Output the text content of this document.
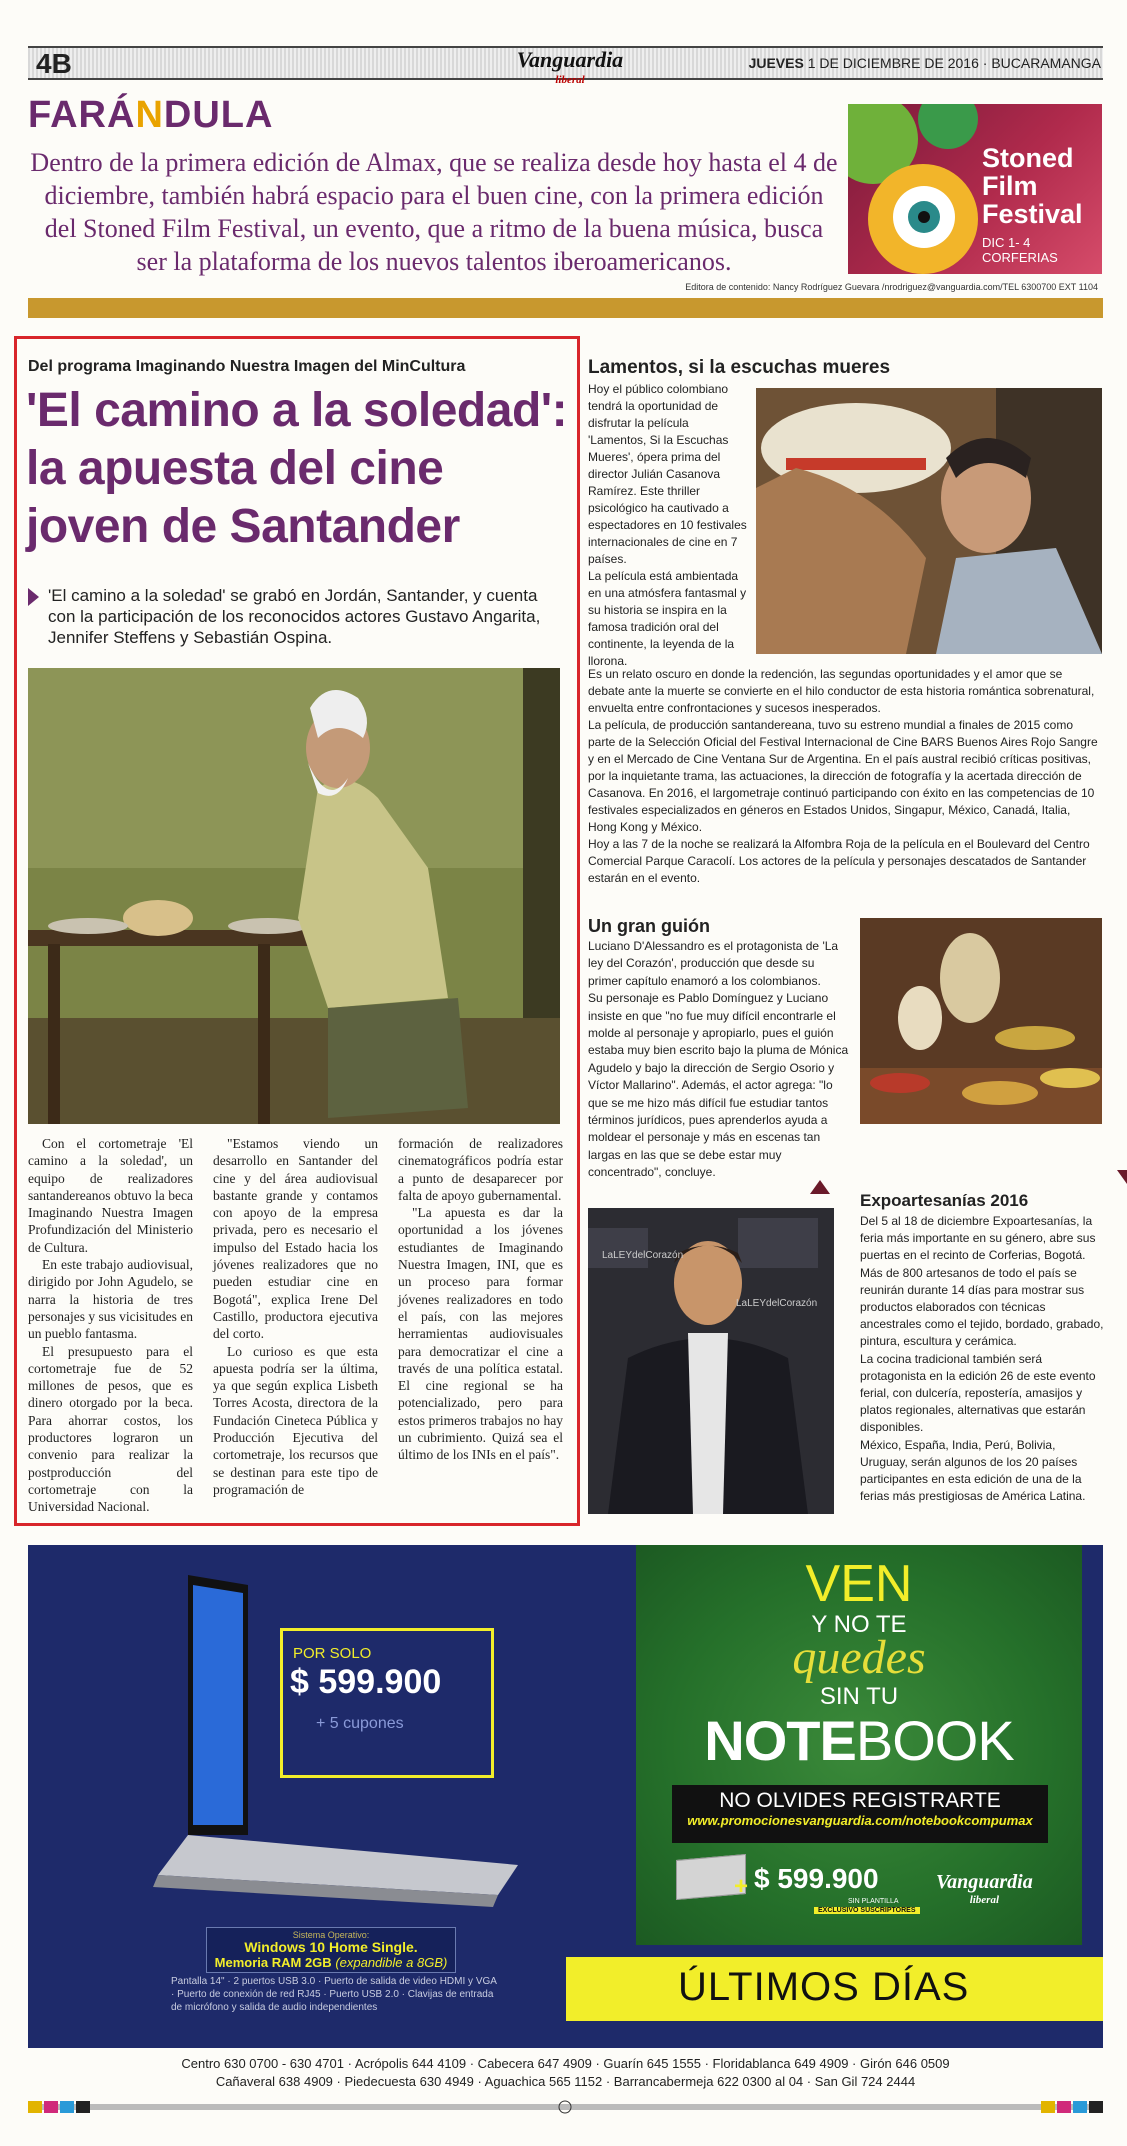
4B	Vanguardia
liberal
JUEVES 1 DE DICIEMBRE DE 2016 · BUCARAMANGA
FARÁNDULA
Dentro de la primera edición de Almax, que se realiza desde hoy hasta el 4 de diciembre, también habrá espacio para el buen cine, con la primera edición del Stoned Film Festival, un evento, que a ritmo de la buena música, busca ser la plataforma de los nuevos talentos iberoamericanos.
Stoned
Film
Festival
DIC 1- 4
CORFERIAS
Editora de contenido: Nancy Rodríguez Guevara /nrodriguez@vanguardia.com/TEL 6300700 EXT 1104
Del programa Imaginando Nuestra Imagen del MinCultura
'El camino a la soledad': la apuesta del cine joven de Santander
'El camino a la soledad' se grabó en Jordán, Santander, y cuenta con la participación de los reconocidos actores Gustavo Angarita, Jennifer Steffens y Sebastián Ospina.

Con el cortometraje 'El camino a la soledad', un equipo de realizadores santandereanos obtuvo la beca Imaginando Nuestra Imagen Profundización del Ministerio de Cultura.

En este trabajo audiovisual, dirigido por John Agudelo, se narra la historia de tres personajes y sus vicisitudes en un pueblo fantasma.

El presupuesto para el cortometraje fue de 52 millones de pesos, que es dinero otorgado por la beca. Para ahorrar costos, los productores lograron un convenio para realizar la postproducción del cortometraje con la Universidad Nacional.

"Estamos viendo un desarrollo en Santander del cine y del área audiovisual bastante grande y contamos con apoyo de la empresa privada, pero es necesario el impulso del Estado hacia los jóvenes realizadores que no pueden estudiar cine en Bogotá", explica Irene Del Castillo, productora ejecutiva del corto.

Lo curioso es que esta apuesta podría ser la última, ya que según explica Lisbeth Torres Acosta, directora de la Fundación Cineteca Pública y Producción Ejecutiva del cortometraje, los recursos que se destinan para este tipo de programación de

formación de realizadores cinematográficos podría estar a punto de desaparecer por falta de apoyo gubernamental.

"La apuesta es dar la oportunidad a los jóvenes estudiantes de Imaginando Nuestra Imagen, INI, que es un proceso para formar jóvenes realizadores en todo el país, con las mejores herramientas audiovisuales para democratizar el cine a través de una política estatal. El cine regional se ha potencializado, pero para estos primeros trabajos no hay un cubrimiento. Quizá sea el último de los INIs en el país".

Lamentos, si la escuchas mueres

Hoy el público colombiano tendrá la oportunidad de disfrutar la película 'Lamentos, Si la Escuchas Mueres', ópera prima del director Julián Casanova Ramírez. Este thriller psicológico ha cautivado a espectadores en 10 festivales internacionales de cine en 7 países.

La película está ambientada en una atmósfera fantasmal y su historia se inspira en la famosa tradición oral del continente, la leyenda de la llorona.

Es un relato oscuro en donde la redención, las segundas oportunidades y el amor que se debate ante la muerte se convierte en el hilo conductor de esta historia romántica sobrenatural, envuelta entre confrontaciones y sucesos inesperados.

La película, de producción santandereana, tuvo su estreno mundial a finales de 2015 como parte de la Selección Oficial del Festival Internacional de Cine BARS Buenos Aires Rojo Sangre y en el Mercado de Cine Ventana Sur de Argentina. En el país austral recibió críticas positivas, por la inquietante trama, las actuaciones, la dirección de fotografía y la acertada dirección de Casanova. En 2016, el largometraje continuó participando con éxito en las competencias de 10 festivales especializados en géneros en Estados Unidos, Singapur, México, Canadá, Italia, Hong Kong y México.

Hoy a las 7 de la noche se realizará la Alfombra Roja de la película en el Boulevard del Centro Comercial Parque Caracolí. Los actores de la película y personajes descatados de Santander estarán en el evento.

Un gran guión

Luciano D'Alessandro es el protagonista de 'La ley del Corazón', producción que desde su primer capítulo enamoró a los colombianos.

Su personaje es Pablo Domínguez y Luciano insiste en que "no fue muy difícil encontrarle el molde al personaje y apropiarlo, pues el guión estaba muy bien escrito bajo la pluma de Mónica Agudelo y bajo la dirección de Sergio Osorio y Víctor Mallarino". Además, el actor agrega: "lo que se me hizo más difícil fue estudiar tantos términos jurídicos, pues aprenderlos ayuda a moldear el personaje y más en escenas tan largas en las que se debe estar muy concentrado", concluye.

LaLEYdelCorazón
LaLEYdelCorazón
Expoartesanías 2016

Del 5 al 18 de diciembre Expoartesanías, la feria más importante en su género, abre sus puertas en el recinto de Corferias, Bogotá.

Más de 800 artesanos de todo el país se reunirán durante 14 días para mostrar sus productos elaborados con técnicas ancestrales como el tejido, bordado, grabado, pintura, escultura y cerámica.

La cocina tradicional también será protagonista en la edición 26 de este evento ferial, con dulcería, repostería, amasijos y platos regionales, alternativas que estarán disponibles.

México, España, India, Perú, Bolivia, Uruguay, serán algunos de los 20 países participantes en esta edición de una de la ferias más prestigiosas de América Latina.

POR SOLO
$ 599.900
+ 5 cupones
Sistema Operativo:
Windows 10 Home Single.
Memoria RAM 2GB (expandible a 8GB)
Pantalla 14" · 2 puertos USB 3.0 · Puerto de salida de video HDMI y VGA · Puerto de conexión de red RJ45 · Puerto USB 2.0 · Clavijas de entrada de micrófono y salida de audio independientes
VEN
Y NO TE
quedes
SIN TU
NOTEBOOK
NO OLVIDES REGISTRARTE
www.promocionesvanguardia.com/notebookcompumax
+ $ 599.900
SIN PLANTILLA
EXCLUSIVO SUSCRIPTORES
Vanguardia
liberal
ÚLTIMOS DÍAS
Centro 630 0700 - 630 4701 · Acrópolis 644 4109 · Cabecera 647 4909 · Guarín 645 1555 · Floridablanca 649 4909 · Girón 646 0509
Cañaveral 638 4909 · Piedecuesta 630 4949 · Aguachica 565 1152 · Barrancabermeja 622 0300 al 04 · San Gil 724 2444
